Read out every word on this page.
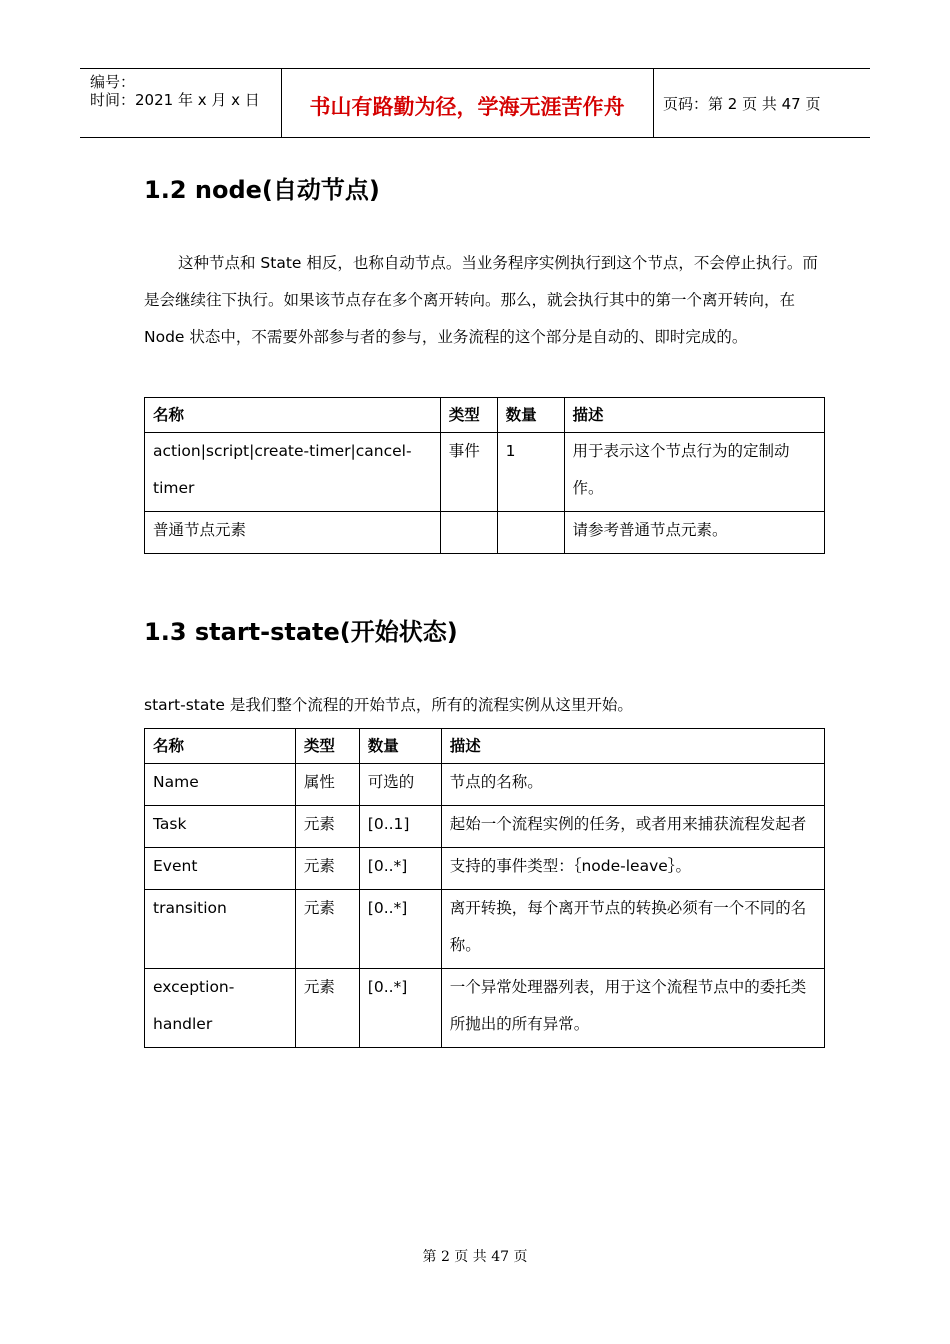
编号：
时间：2021 年 x 月 x 日	书山有路勤为径，学海无涯苦作舟	页码：第 2 页 共 47 页
1.2 node(自动节点)

这种节点和 State 相反，也称自动节点。当业务程序实例执行到这个节点，不会停止执行。而是会继续往下执行。如果该节点存在多个离开转向。那么，就会执行其中的第一个离开转向，在 Node 状态中，不需要外部参与者的参与，业务流程的这个部分是自动的、即时完成的。

名称	类型	数量	描述
action|script|create-timer|cancel-timer	事件	1	用于表示这个节点行为的定制动作。
普通节点元素			请参考普通节点元素。
1.3 start-state(开始状态)

start-state 是我们整个流程的开始节点，所有的流程实例从这里开始。

名称	类型	数量	描述
Name	属性	可选的	节点的名称。
Task	元素	[0..1]	起始一个流程实例的任务，或者用来捕获流程发起者
Event	元素	[0..*]	支持的事件类型：｛node-leave｝。
transition	元素	[0..*]	离开转换，每个离开节点的转换必须有一个不同的名称。
exception-handler	元素	[0..*]	一个异常处理器列表，用于这个流程节点中的委托类所抛出的所有异常。
第 2 页 共 47 页
